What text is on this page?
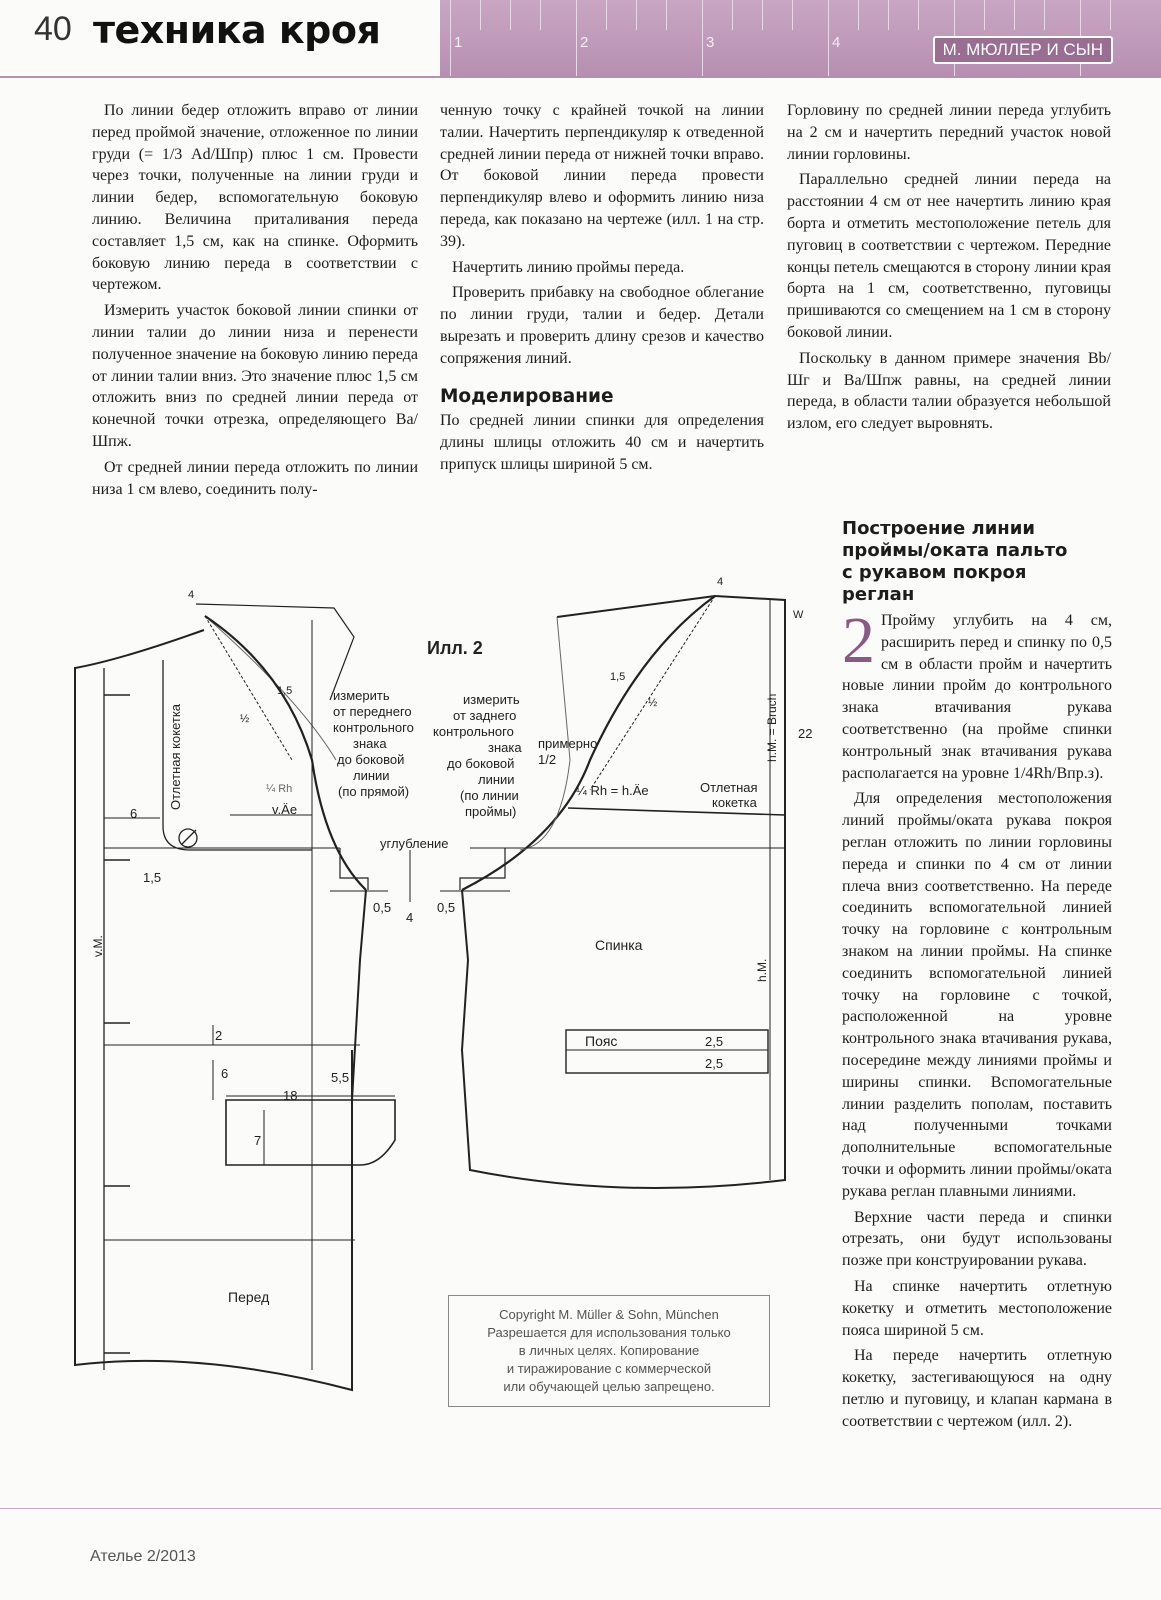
1	2	3	4
40 техника кроя	М. МЮЛЛЕР И СЫН

По линии бедер отложить вправо от линии перед проймой значение, отложенное по линии груди (= 1/3 Ad/Шпр) плюс 1 см. Провести через точки, полученные на линии груди и линии бедер, вспомогательную боковую линию. Величина приталивания переда составляет 1,5 см, как на спинке. Оформить боковую линию переда в соответствии с чертежом.

Измерить участок боковой линии спинки от линии талии до линии низа и перенести полученное значение на боковую линию переда от линии талии вниз. Это значение плюс 1,5 см отложить вниз по средней линии переда от конечной точки отрезка, определяющего Ва/Шпж.

От средней линии переда отложить по линии низа 1 см влево, соединить полу-

ченную точку с крайней точкой на линии талии. Начертить перпендикуляр к отведенной средней линии переда от нижней точки вправо. От боковой линии переда провести перпендикуляр влево и оформить линию низа переда, как показано на чертеже (илл. 1 на стр. 39).

Начертить линию проймы переда.

Проверить прибавку на свободное облегание по линии груди, талии и бедер. Детали вырезать и проверить длину срезов и качество сопряжения линий.

Моделирование

По средней линии спинки для определения длины шлицы отложить 40 см и начертить припуск шлицы шириной 5 см.

Горловину по средней линии переда углубить на 2 см и начертить передний участок новой линии горловины.

Параллельно средней линии переда на расстоянии 4 см от нее начертить линию края борта и отметить местоположение петель для пуговиц в соответствии с чертежом. Передние концы петель смещаются в сторону линии края борта на 1 см, соответственно, пуговицы пришиваются со смещением на 1 см в сторону боковой линии.

Поскольку в данном примере значения Bb/Шг и Ва/Шпж равны, на средней линии переда, в области талии образуется небольшой излом, его следует выровнять.

Построение линии
проймы/оката пальто
с рукавом покроя
реглан
2 Пройму углубить на 4 см, расширить перед и спинку по 0,5 см в области пройм и начертить новые линии пройм до контрольного знака втачивания рукава соответственно (на пройме спинки контрольный знак втачивания рукава располагается на уровне 1/4Rh/Впр.з).

Для определения местоположения линий проймы/оката рукава покроя реглан отложить по линии горловины переда и спинки по 4 см от линии плеча вниз соответственно. На переде соединить вспомогательной линией точку на горловине с контрольным знаком на линии проймы. На спинке соединить вспомогательной линией точку на горловине с точкой, расположенной на уровне контрольного знака втачивания рукава, посередине между линиями проймы и ширины спинки. Вспомогательные линии разделить пополам, поставить над полученными точками дополнительные вспомогательные точки и оформить линии проймы/оката рукава реглан плавными линиями.

Верхние части переда и спинки отрезать, они будут использованы позже при конструировании рукава.

На спинке начертить отлетную кокетку и отметить местоположение пояса шириной 5 см.

На переде начертить отлетную кокетку, застегивающуюся на одну петлю и пуговицу, и клапан кармана в соответствии с чертежом (илл. 2).

Илл. 2
измерить от переднего контрольного знака до боковой линии (по прямой)
измерить от заднего контрольного знака до боковой линии (по линии проймы)
примерно 1/2
углубление
Спинка
Перед
Пояс
Отлетная кокетка	Отлетная кокетка
¼ Rh
v.Äe
¼ Rh = h.Äe
h.M. = Bruch
h.M.
v.M.
W
4
4
1,5
½
1,5
½
22
6
1,5
0,5
4
0,5
2
6
18
5,5
7
2,5
2,5
Copyright M. Müller & Sohn, München
Разрешается для использования только
в личных целях. Копирование
и тиражирование с коммерческой
или обучающей целью запрещено.
Ателье 2/2013
